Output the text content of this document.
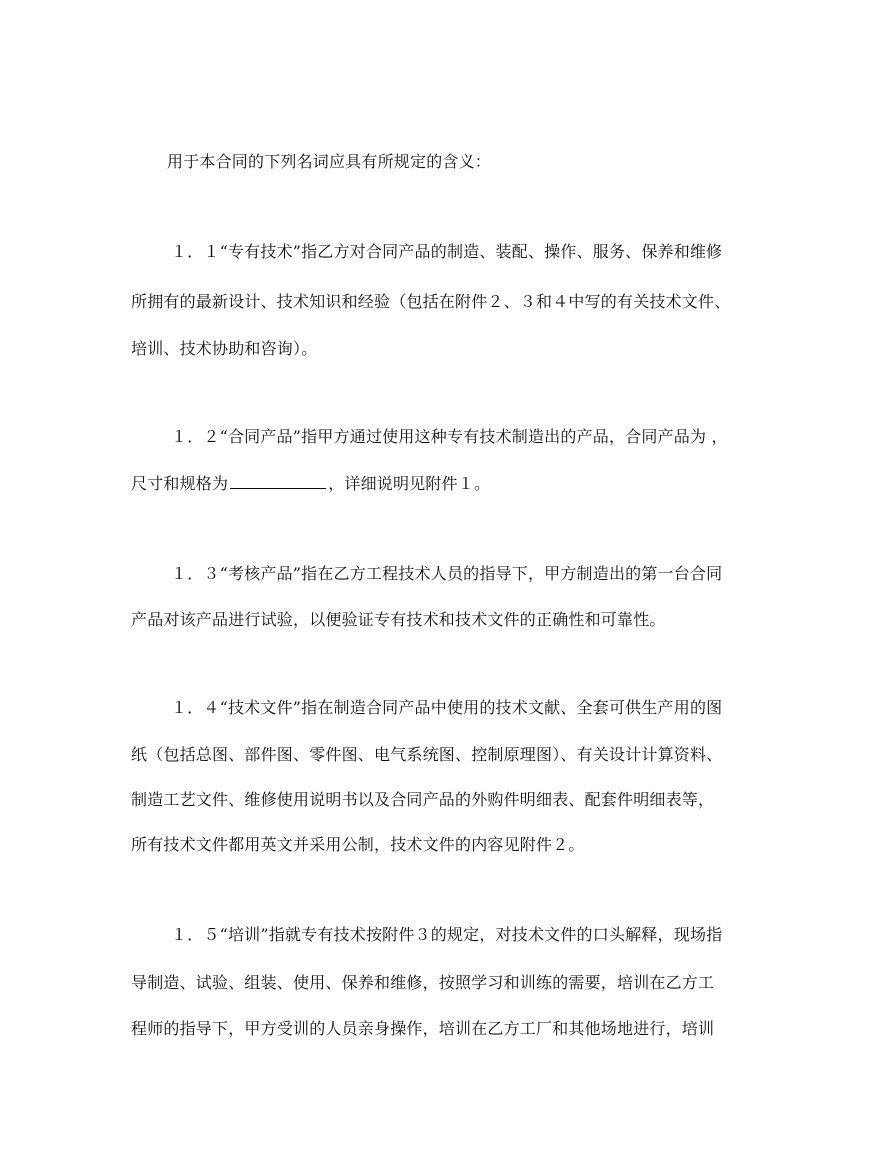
用于本合同的下列名词应具有所规定的含义：
１．１“专有技术”指乙方对合同产品的制造、装配、操作、服务、保养和维修
所拥有的最新设计、技术知识和经验（包括在附件２、３和４中写的有关技术文件、
培训、技术协助和咨询）。
１．２“合同产品”指甲方通过使用这种专有技术制造出的产品，合同产品为 ，
尺寸和规格为	，详细说明见附件１。
１．３“考核产品”指在乙方工程技术人员的指导下，甲方制造出的第一台合同
产品对该产品进行试验，以便验证专有技术和技术文件的正确性和可靠性。
１．４“技术文件”指在制造合同产品中使用的技术文献、全套可供生产用的图
纸（包括总图、部件图、零件图、电气系统图、控制原理图）、有关设计计算资料、
制造工艺文件、维修使用说明书以及合同产品的外购件明细表、配套件明细表等，
所有技术文件都用英文并采用公制，技术文件的内容见附件２。
１．５“培训”指就专有技术按附件３的规定，对技术文件的口头解释，现场指
导制造、试验、组装、使用、保养和维修，按照学习和训练的需要，培训在乙方工
程师的指导下，甲方受训的人员亲身操作，培训在乙方工厂和其他场地进行，培训
